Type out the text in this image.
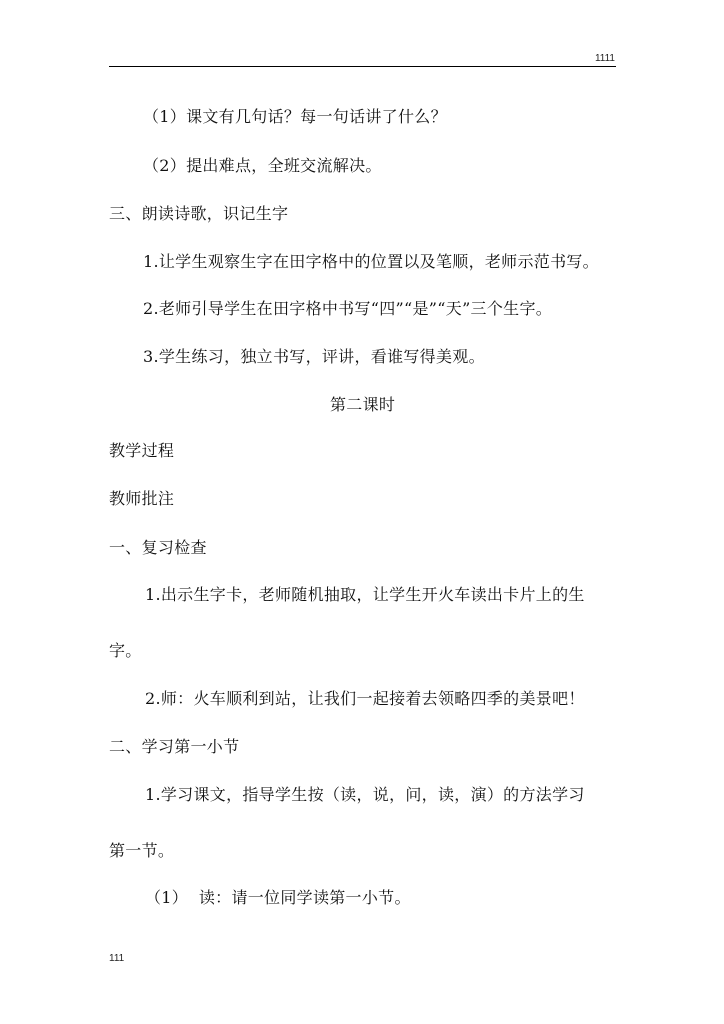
1111
（1）课文有几句话？每一句话讲了什么？
（2）提出难点，全班交流解决。
三、朗读诗歌，识记生字
1.让学生观察生字在田字格中的位置以及笔顺，老师示范书写。
2.老师引导学生在田字格中书写“四”“是”“天”三个生字。
3.学生练习，独立书写，评讲，看谁写得美观。
第二课时
教学过程
教师批注
一、复习检查
1.出示生字卡，老师随机抽取，让学生开火车读出卡片上的生
字。
2.师：火车顺利到站，让我们一起接着去领略四季的美景吧！
二、学习第一小节
1.学习课文，指导学生按（读，说，问，读，演）的方法学习
第一节。
（1）  读：请一位同学读第一小节。
111
